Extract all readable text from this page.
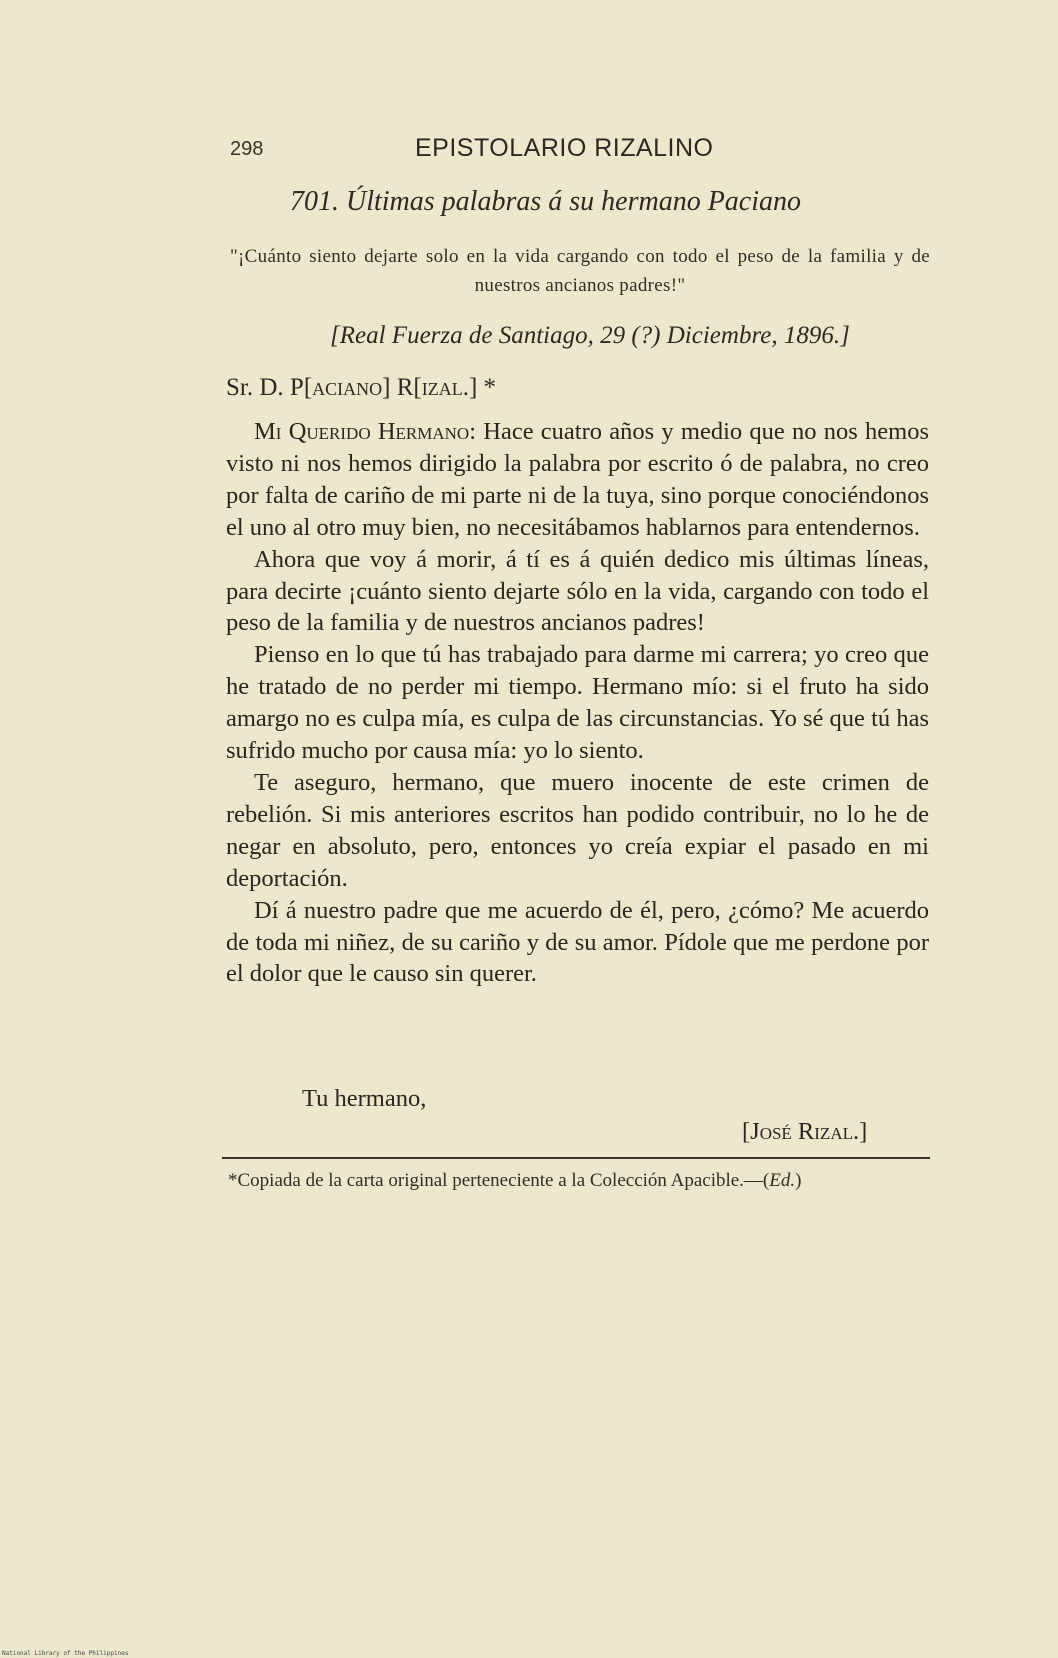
298	EPISTOLARIO RIZALINO
701. Últimas palabras á su hermano Paciano
"¡Cuánto siento dejarte solo en la vida cargando con todo el peso de la familia y de nuestros ancianos padres!"
[Real Fuerza de Santiago, 29 (?) Diciembre, 1896.]
Sr. D. P[aciano] R[izal.] *

Mi Querido Hermano: Hace cuatro años y medio que no nos hemos visto ni nos hemos dirigido la palabra por escrito ó de palabra, no creo por falta de cariño de mi parte ni de la tuya, sino porque conociéndonos el uno al otro muy bien, no necesitábamos hablarnos para entendernos.

Ahora que voy á morir, á tí es á quién dedico mis últimas líneas, para decirte ¡cuánto siento dejarte sólo en la vida, cargando con todo el peso de la familia y de nuestros ancianos padres!

Pienso en lo que tú has trabajado para darme mi carrera; yo creo que he tratado de no perder mi tiempo. Hermano mío: si el fruto ha sido amargo no es culpa mía, es culpa de las circunstancias. Yo sé que tú has sufrido mucho por causa mía: yo lo siento.

Te aseguro, hermano, que muero inocente de este crimen de rebelión. Si mis anteriores escritos han podido contribuir, no lo he de negar en absoluto, pero, entonces yo creía expiar el pasado en mi deportación.

Dí á nuestro padre que me acuerdo de él, pero, ¿cómo? Me acuerdo de toda mi niñez, de su cariño y de su amor. Pídole que me perdone por el dolor que le causo sin querer.

Tu hermano,
[José Rizal.]
*Copiada de la carta original perteneciente a la Colección Apacible.—(Ed.)
National Library of the Philippines
